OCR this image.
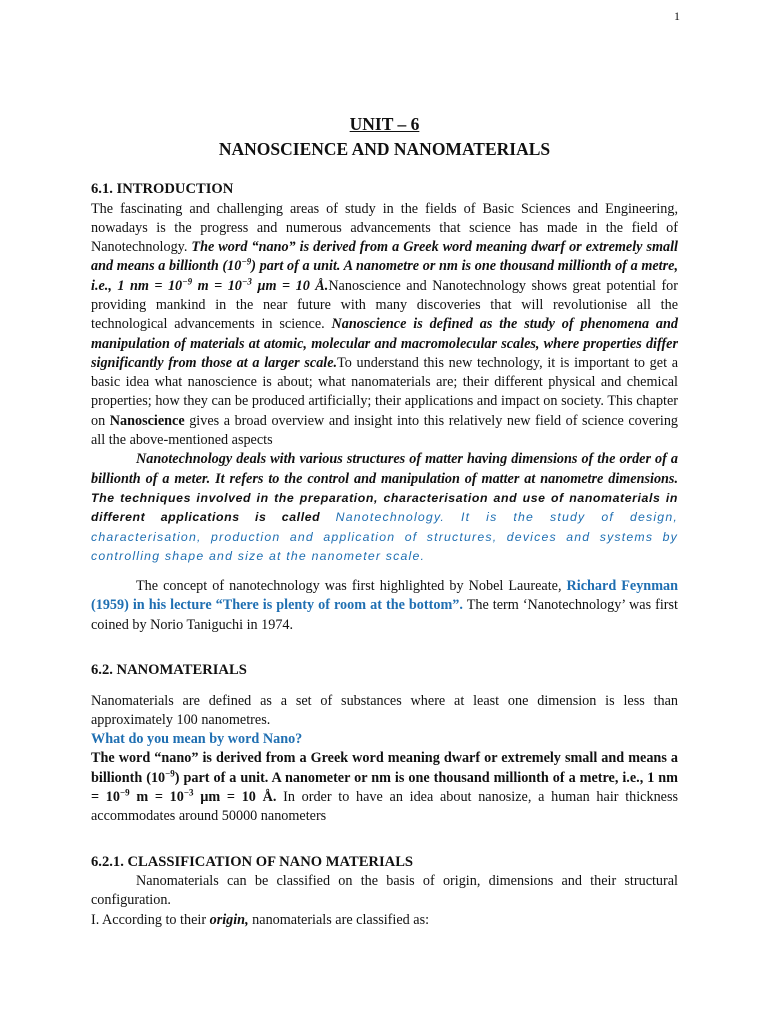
1
UNIT – 6
NANOSCIENCE AND NANOMATERIALS
6.1. INTRODUCTION

The fascinating and challenging areas of study in the fields of Basic Sciences and Engineering, nowadays is the progress and numerous advancements that science has made in the field of Nanotechnology. The word “nano” is derived from a Greek word meaning dwarf or extremely small and means a billionth $(10^{-9})$ part of a unit. A nanometre or nm is one thousand millionth of a metre, i.e., 1 nm = $10^{-9}$ $m = 10^{-3}$ µm = 10 Å.Nanoscience and Nanotechnology shows great potential for providing mankind in the near future with many discoveries that will revolutionise all the technological advancements in science. Nanoscience is defined as the study of phenomena and manipulation of materials at atomic, molecular and macromolecular scales, where properties differ significantly from those at a larger scale.To understand this new technology, it is important to get a basic idea what nanoscience is about; what nanomaterials are; their different physical and chemical properties; how they can be produced artificially; their applications and impact on society. This chapter on Nanoscience gives a broad overview and insight into this relatively new field of science covering all the above-mentioned aspects

Nanotechnology deals with various structures of matter having dimensions of the order of a billionth of a meter. It refers to the control and manipulation of matter at nanometre dimensions. The techniques involved in the preparation, characterisation and use of nanomaterials in different applications is called Nanotechnology. It is the study of design, characterisation, production and application of structures, devices and systems by controlling shape and size at the nanometer scale.

The concept of nanotechnology was first highlighted by Nobel Laureate, Richard Feynman (1959) in his lecture “There is plenty of room at the bottom”. The term ‘Nanotechnology’ was first coined by Norio Taniguchi in 1974.

6.2. NANOMATERIALS

Nanomaterials are defined as a set of substances where at least one dimension is less than approximately 100 nanometres.

What do you mean by word Nano?

The word “nano” is derived from a Greek word meaning dwarf or extremely small and means a billionth $(10^{-9})$ part of a unit. A nanometer or nm is one thousand millionth of a metre, i.e., 1 nm = $10^{-9}$ $m = 10^{-3}$ µm = 10 Å. In order to have an idea about nanosize, a human hair thickness accommodates around 50000 nanometers

6.2.1. CLASSIFICATION OF NANO MATERIALS

Nanomaterials can be classified on the basis of origin, dimensions and their structural configuration.

I. According to their origin, nanomaterials are classified as:
